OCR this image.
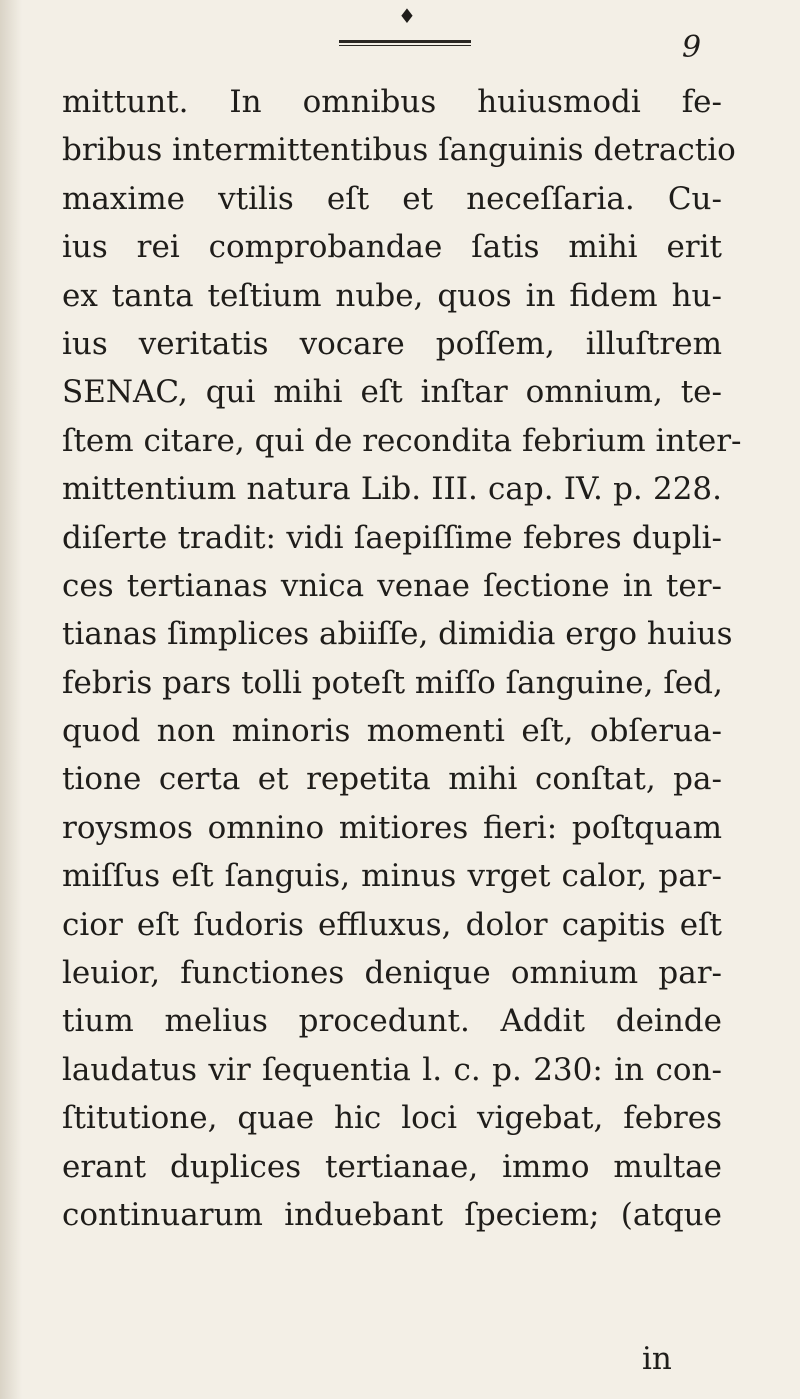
♦
9
mittunt. In omnibus huiusmodi fe-
bribus intermittentibus ſanguinis detractio
maxime vtilis eſt et neceſſaria. Cu-
ius rei comprobandae ſatis mihi erit
ex tanta teſtium nube, quos in fidem hu-
ius veritatis vocare poſſem, illuſtrem
SENAC, qui mihi eſt inſtar omnium, te-
ſtem citare, qui de recondita febrium inter-
mittentium natura Lib. III. cap. IV. p. 228.
diſerte tradit: vidi ſaepiſſime febres dupli-
ces tertianas vnica venae ſectione in ter-
tianas ſimplices abiiſſe, dimidia ergo huius
febris pars tolli poteſt miſſo ſanguine, ſed,
quod non minoris momenti eſt, obſerua-
tione certa et repetita mihi conſtat, pa-
roysmos omnino mitiores fieri: poſtquam
miſſus eſt ſanguis, minus vrget calor, par-
cior eſt ſudoris effluxus, dolor capitis eſt
leuior, functiones denique omnium par-
tium melius procedunt. Addit deinde
laudatus vir ſequentia l. c. p. 230: in con-
ſtitutione, quae hic loci vigebat, febres
erant duplices tertianae, immo multae
continuarum induebant ſpeciem; (atque
in
